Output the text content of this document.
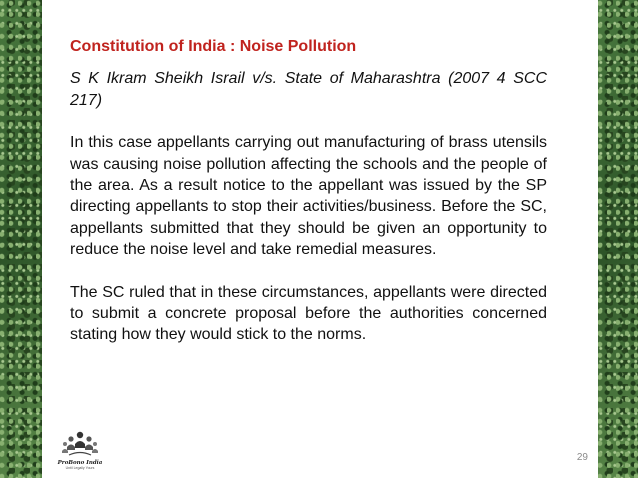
Constitution of India : Noise Pollution
S K Ikram Sheikh Israil v/s. State of Maharashtra (2007 4 SCC 217)

In this case appellants carrying out manufacturing of brass utensils was causing noise pollution affecting the schools and the people of the area. As a result notice to the appellant was issued by the SP directing appellants to stop their activities/business. Before the SC, appellants submitted that they should be given an opportunity to reduce the noise level and take remedial measures.

The SC ruled that in these circumstances, appellants were directed to submit a concrete proposal before the authorities concerned stating how they would stick to the norms.

ProBono India
Until Legally Yours
29
